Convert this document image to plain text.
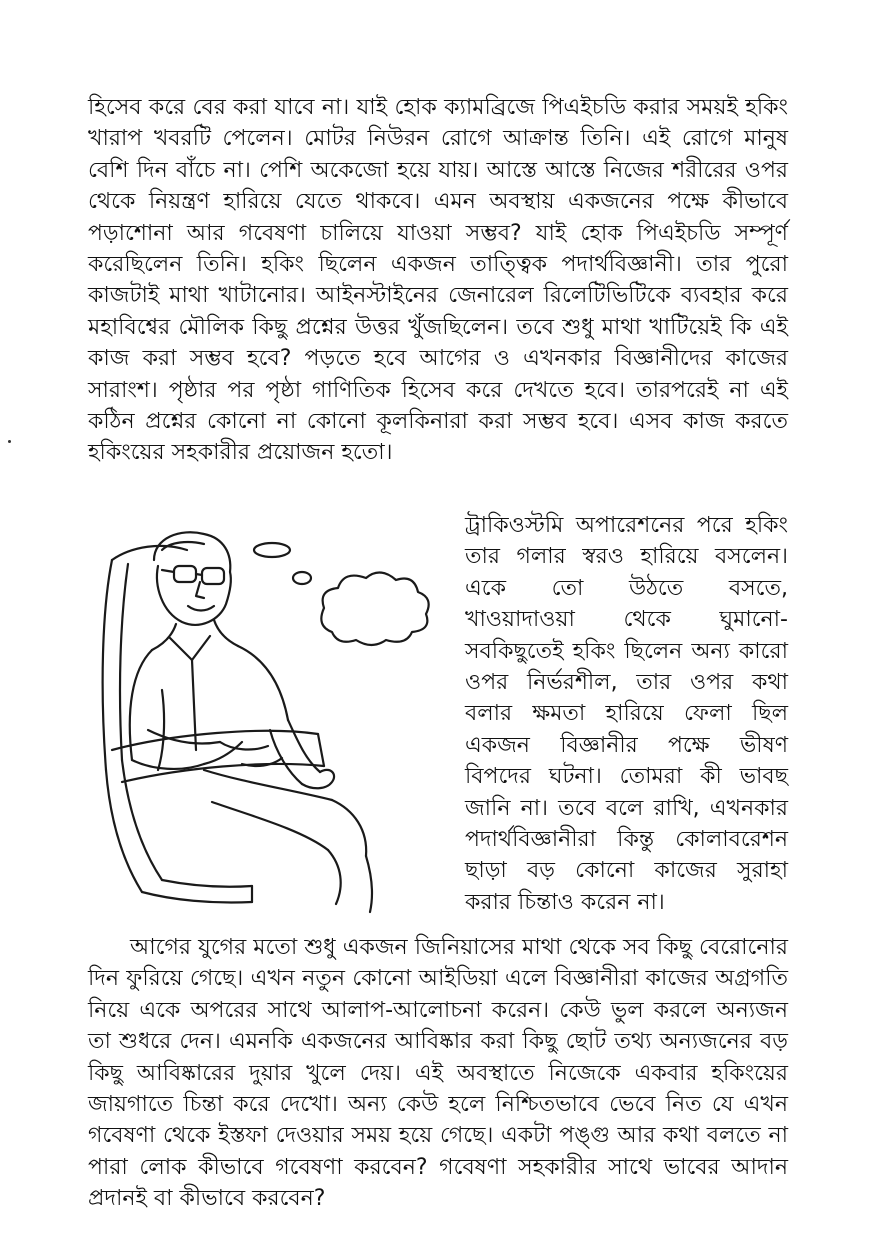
হিসেব করে বের করা যাবে না। যাই হোক ক্যামব্রিজে পিএইচডি করার সময়ই হকিং খারাপ খবরটি পেলেন। মোটর নিউরন রোগে আক্রান্ত তিনি। এই রোগে মানুষ বেশি দিন বাঁচে না। পেশি অকেজো হয়ে যায়। আস্তে আস্তে নিজের শরীরের ওপর থেকে নিয়ন্ত্রণ হারিয়ে যেতে থাকবে। এমন অবস্থায় একজনের পক্ষে কীভাবে পড়াশোনা আর গবেষণা চালিয়ে যাওয়া সম্ভব? যাই হোক পিএইচডি সম্পূর্ণ করেছিলেন তিনি। হকিং ছিলেন একজন তাত্ত্বিক পদার্থবিজ্ঞানী। তার পুরো কাজটাই মাথা খাটানোর। আইনস্টাইনের জেনারেল রিলেটিভিটিকে ব্যবহার করে মহাবিশ্বের মৌলিক কিছু প্রশ্নের উত্তর খুঁজছিলেন। তবে শুধু মাথা খাটিয়েই কি এই কাজ করা সম্ভব হবে? পড়তে হবে আগের ও এখনকার বিজ্ঞানীদের কাজের সারাংশ। পৃষ্ঠার পর পৃষ্ঠা গাণিতিক হিসেব করে দেখতে হবে। তারপরেই না এই কঠিন প্রশ্নের কোনো না কোনো কূলকিনারা করা সম্ভব হবে। এসব কাজ করতে হকিংয়ের সহকারীর প্রয়োজন হতো।

ট্রাকিওস্টমি অপারেশনের পরে হকিং তার গলার স্বরও হারিয়ে বসলেন। একে তো উঠতে বসতে, খাওয়াদাওয়া থেকে ঘুমানো- সবকিছুতেই হকিং ছিলেন অন্য কারো ওপর নির্ভরশীল, তার ওপর কথা বলার ক্ষমতা হারিয়ে ফেলা ছিল একজন বিজ্ঞানীর পক্ষে ভীষণ বিপদের ঘটনা। তোমরা কী ভাবছ জানি না। তবে বলে রাখি, এখনকার পদার্থবিজ্ঞানীরা কিন্তু কোলাবরেশন ছাড়া বড় কোনো কাজের সুরাহা করার চিন্তাও করেন না।

আগের যুগের মতো শুধু একজন জিনিয়াসের মাথা থেকে সব কিছু বেরোনোর দিন ফুরিয়ে গেছে। এখন নতুন কোনো আইডিয়া এলে বিজ্ঞানীরা কাজের অগ্রগতি নিয়ে একে অপরের সাথে আলাপ-আলোচনা করেন। কেউ ভুল করলে অন্যজন তা শুধরে দেন। এমনকি একজনের আবিষ্কার করা কিছু ছোট তথ্য অন্যজনের বড় কিছু আবিষ্কারের দুয়ার খুলে দেয়। এই অবস্থাতে নিজেকে একবার হকিংয়ের জায়গাতে চিন্তা করে দেখো। অন্য কেউ হলে নিশ্চিতভাবে ভেবে নিত যে এখন গবেষণা থেকে ইস্তফা দেওয়ার সময় হয়ে গেছে। একটা পঙ্গু আর কথা বলতে না পারা লোক কীভাবে গবেষণা করবেন? গবেষণা সহকারীর সাথে ভাবের আদান প্রদানই বা কীভাবে করবেন?
